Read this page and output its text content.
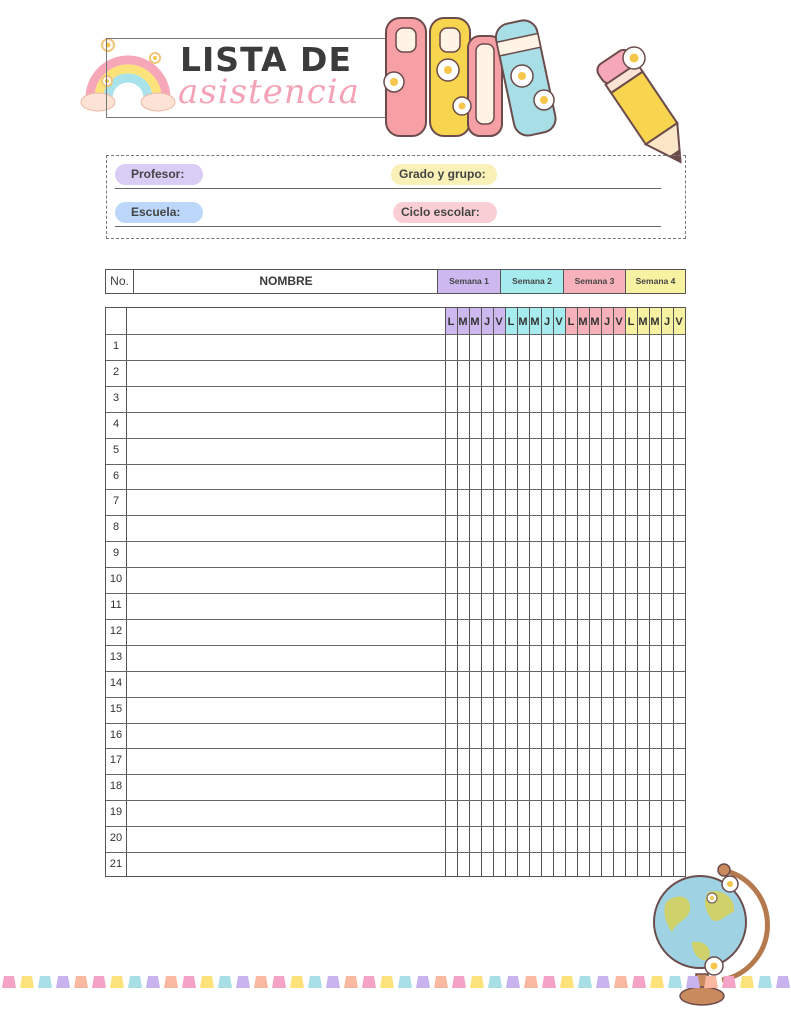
LISTA DE
asistencia
Profesor:	Grado y grupo:
Escuela:	Ciclo escolar:
No.	NOMBRE	Semana 1	Semana 2	Semana 3	Semana 4
L M M J V L M M J V L M M J V L M M J V
1
2
3
4
5
6
7
8
9
10
11
12
13
14
15
16
17
18
19
20
21
